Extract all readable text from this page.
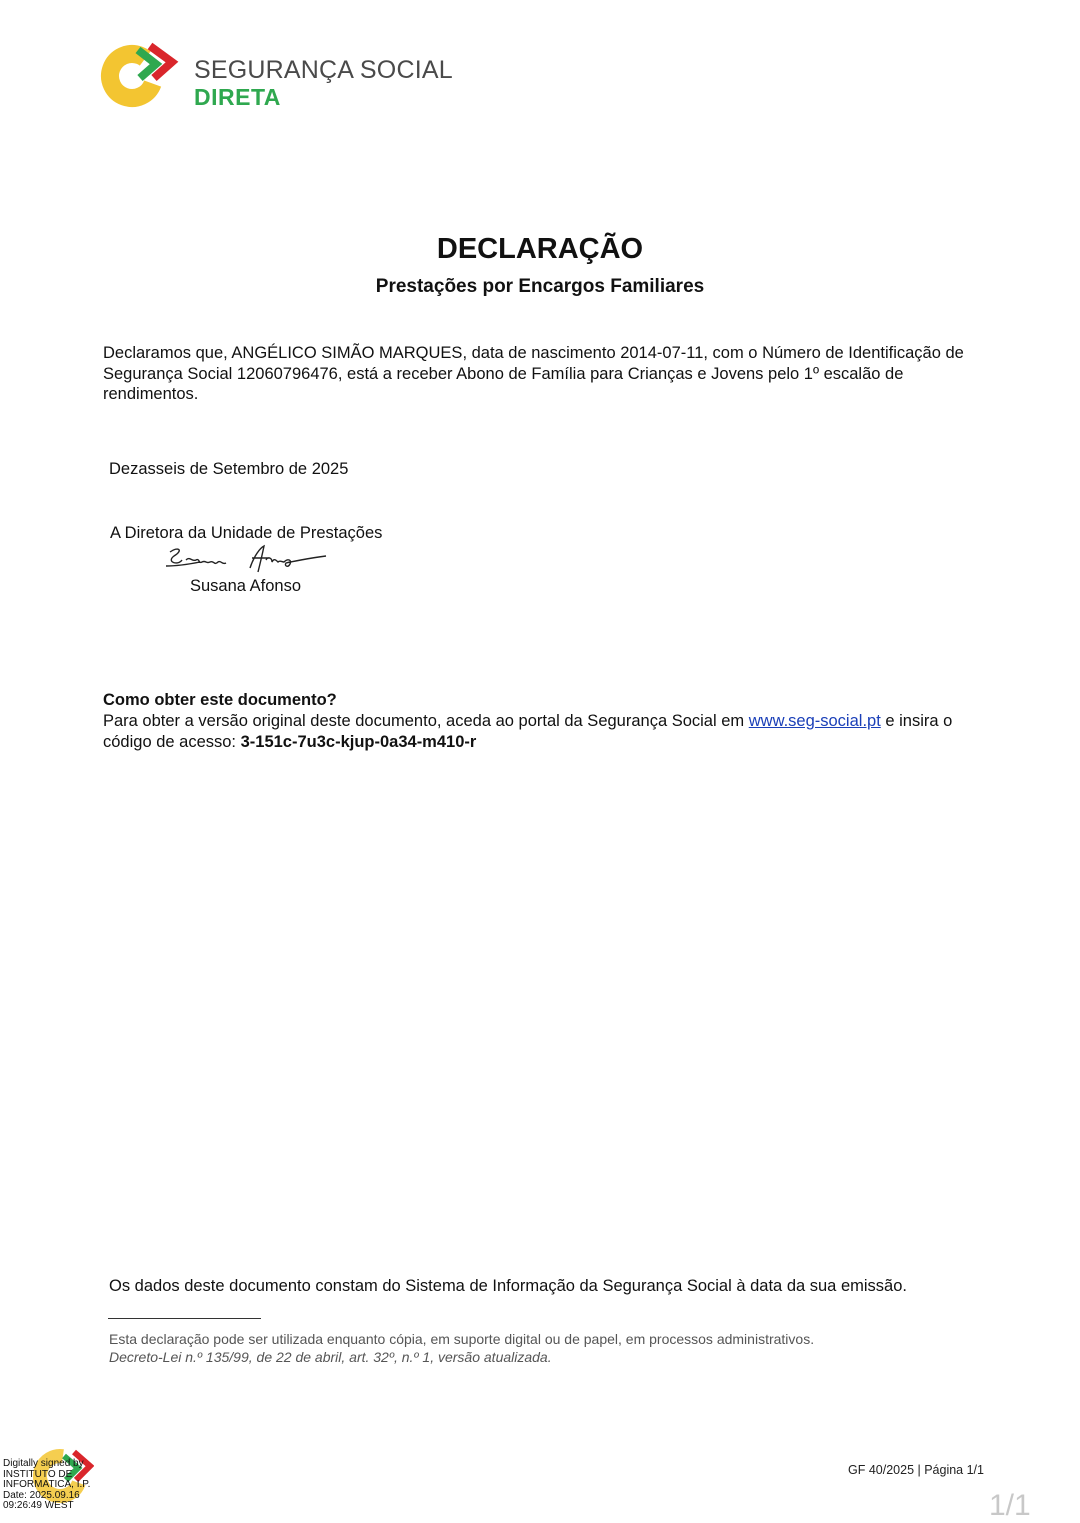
SEGURANÇA SOCIAL
DIRETA
DECLARAÇÃO
Prestações por Encargos Familiares
Declaramos que, ANGÉLICO SIMÃO MARQUES, data de nascimento 2014-07-11, com o Número de Identificação de Segurança Social 12060796476, está a receber Abono de Família para Crianças e Jovens pelo 1º escalão de rendimentos.
Dezasseis de Setembro de 2025
A Diretora da Unidade de Prestações
Susana Afonso
Como obter este documento?
Para obter a versão original deste documento, aceda ao portal da Segurança Social em www.seg-social.pt e insira o código de acesso: 3-151c-7u3c-kjup-0a34-m410-r
Os dados deste documento constam do Sistema de Informação da Segurança Social à data da sua emissão.
Esta declaração pode ser utilizada enquanto cópia, em suporte digital ou de papel, em processos administrativos.
Decreto-Lei n.º 135/99, de 22 de abril, art. 32º, n.º 1, versão atualizada.
Digitally signed by
INSTITUTO DE
INFORMATICA, I.P.
Date: 2025.09.16
09:26:49 WEST
GF 40/2025 | Página 1/1
1/1
